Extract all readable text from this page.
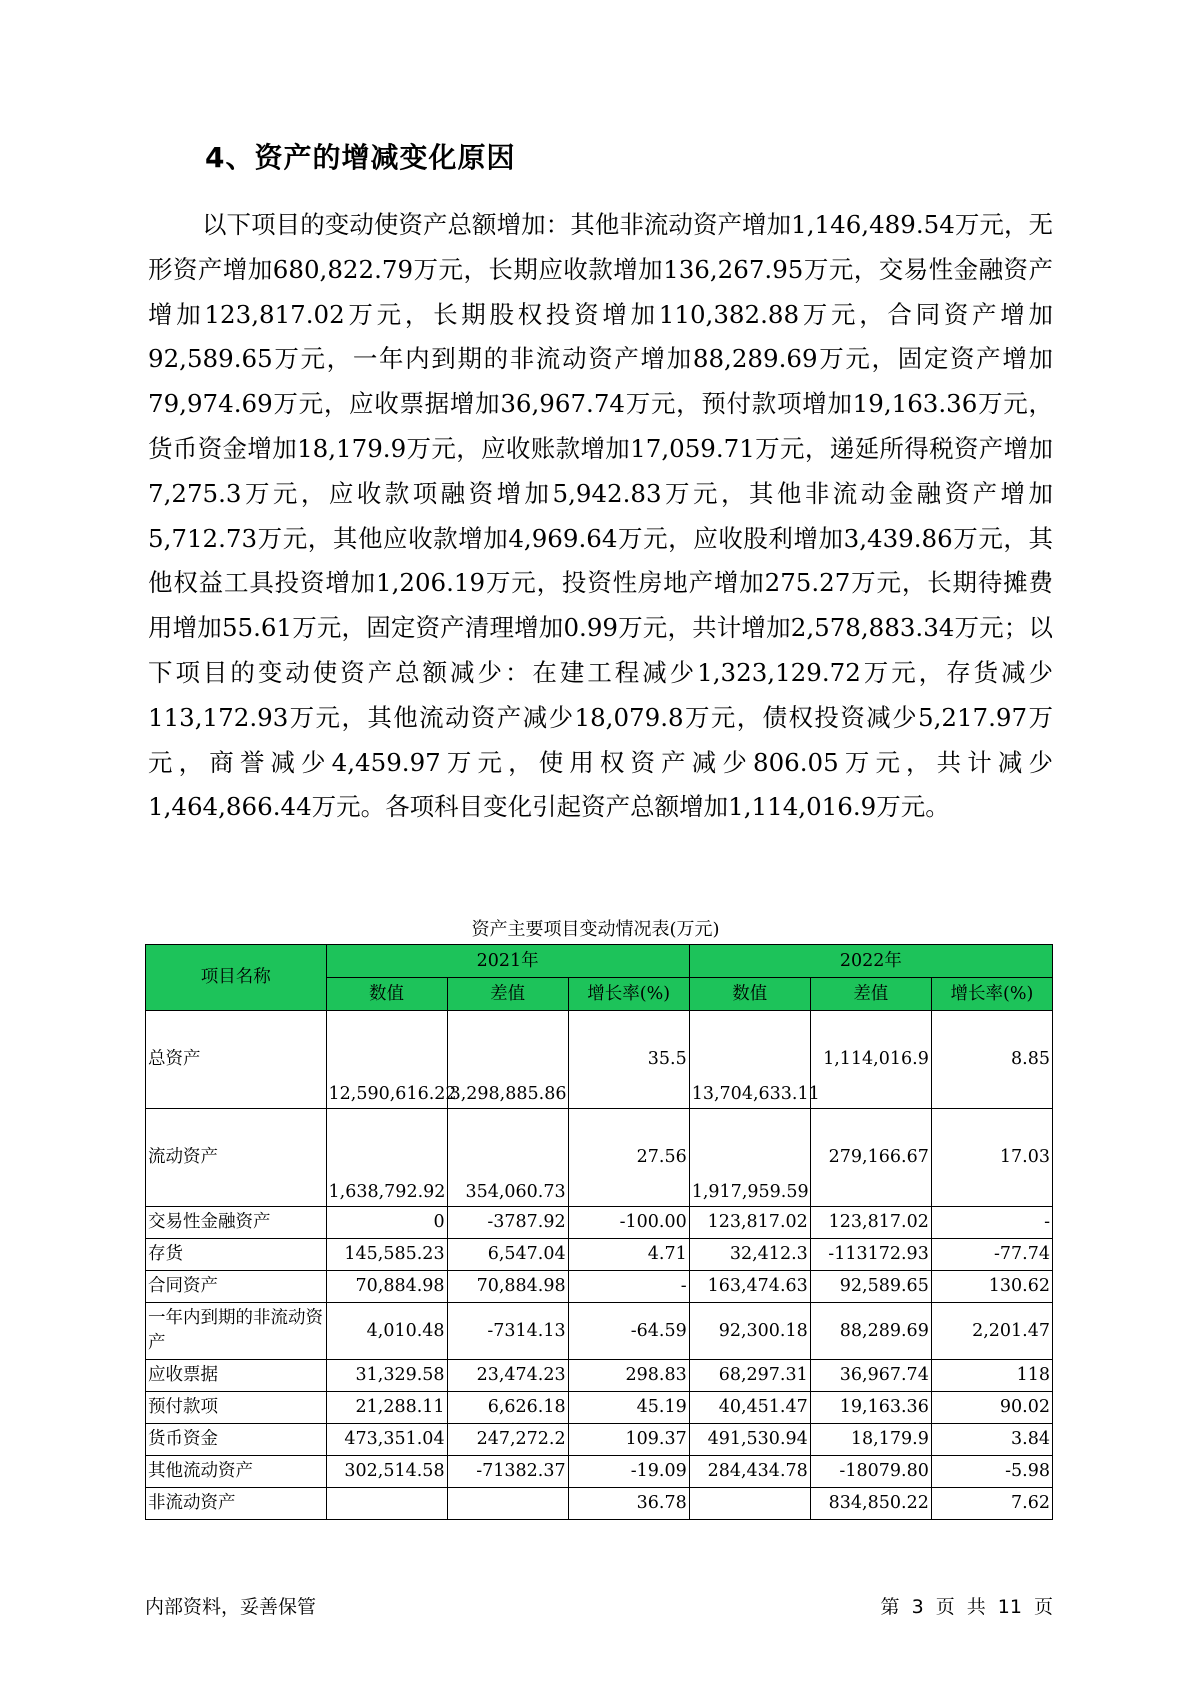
4、资产的增减变化原因

以下项目的变动使资产总额增加：其他非流动资产增加1,146,489.54万元，无形资产增加680,822.79万元，长期应收款增加136,267.95万元，交易性金融资产增加123,817.02万元，长期股权投资增加110,382.88万元，合同资产增加92,589.65万元，一年内到期的非流动资产增加88,289.69万元，固定资产增加79,974.69万元，应收票据增加36,967.74万元，预付款项增加19,163.36万元，货币资金增加18,179.9万元，应收账款增加17,059.71万元，递延所得税资产增加7,275.3万元，应收款项融资增加5,942.83万元，其他非流动金融资产增加5,712.73万元，其他应收款增加4,969.64万元，应收股利增加3,439.86万元，其他权益工具投资增加1,206.19万元，投资性房地产增加275.27万元，长期待摊费用增加55.61万元，固定资产清理增加0.99万元，共计增加2,578,883.34万元；以下项目的变动使资产总额减少：在建工程减少1,323,129.72万元，存货减少113,172.93万元，其他流动资产减少18,079.8万元，债权投资减少5,217.97万元，商誉减少4,459.97万元，使用权资产减少806.05万元，共计减少1,464,866.44万元。各项科目变化引起资产总额增加1,114,016.9万元。

资产主要项目变动情况表(万元)
项目名称	2021年			2022年		
	数值	差值	增长率(%)	数值	差值	增长率(%)
总资产	12,590,616.22	3,298,885.86	35.5	13,704,633.11	1,114,016.9	8.85
流动资产	1,638,792.92	354,060.73	27.56	1,917,959.59	279,166.67	17.03
交易性金融资产	0	-3787.92	-100.00	123,817.02	123,817.02	-
存货	145,585.23	6,547.04	4.71	32,412.3	-113172.93	-77.74
合同资产	70,884.98	70,884.98	-	163,474.63	92,589.65	130.62
一年内到期的非流动资产	4,010.48	-7314.13	-64.59	92,300.18	88,289.69	2,201.47
应收票据	31,329.58	23,474.23	298.83	68,297.31	36,967.74	118
预付款项	21,288.11	6,626.18	45.19	40,451.47	19,163.36	90.02
货币资金	473,351.04	247,272.2	109.37	491,530.94	18,179.9	3.84
其他流动资产	302,514.58	-71382.37	-19.09	284,434.78	-18079.80	-5.98
非流动资产			36.78		834,850.22	7.62
内部资料，妥善保管	第 3 页 共 11 页
